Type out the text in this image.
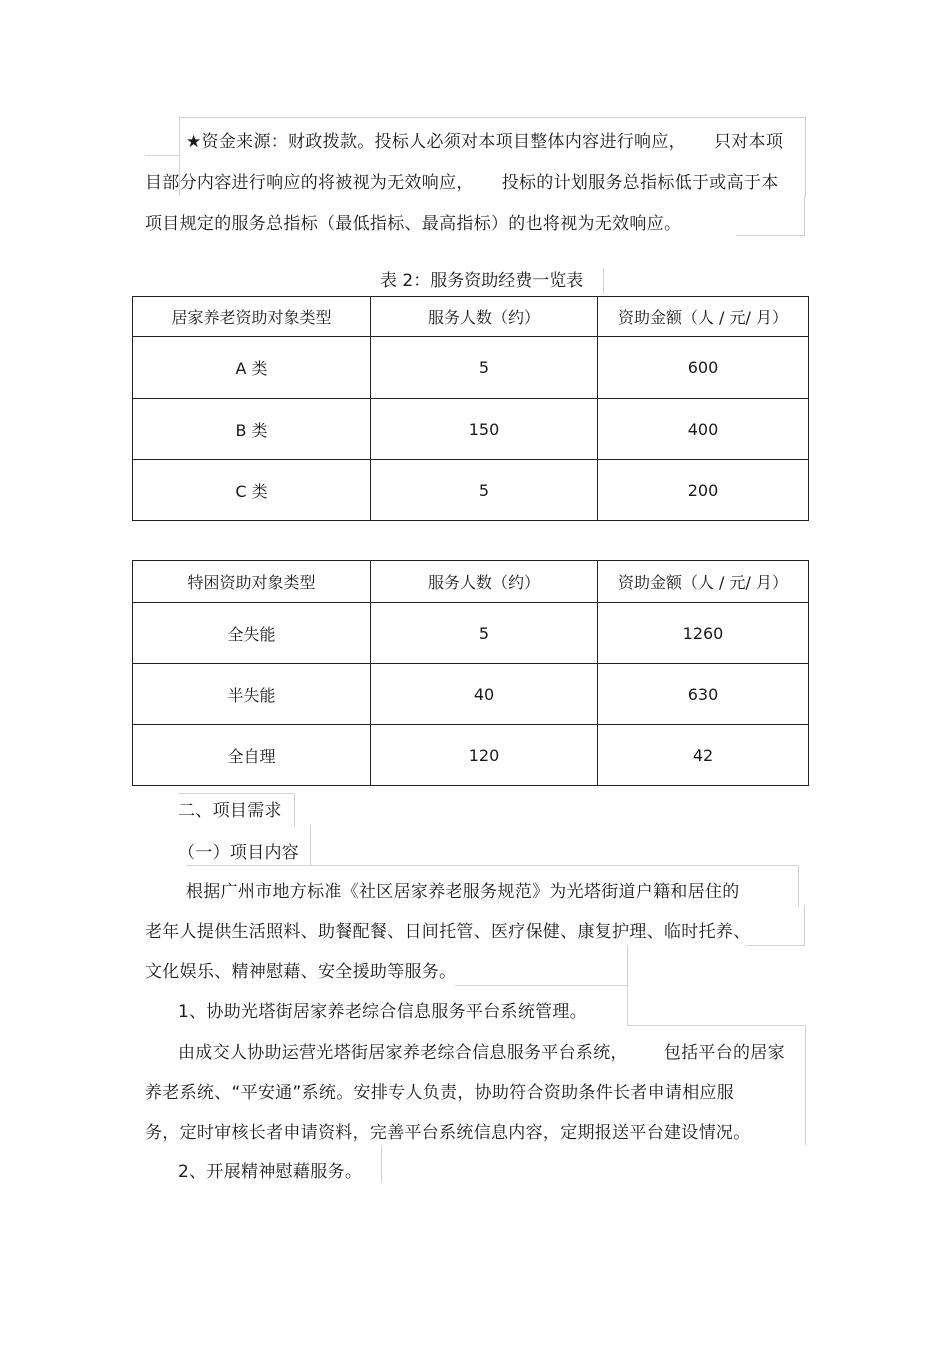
★资金来源：财政拨款。投标人必须对本项目整体内容进行响应， 只对本项
目部分内容进行响应的将被视为无效响应， 投标的计划服务总指标低于或高于本
项目规定的服务总指标（最低指标、最高指标）的也将视为无效响应。
表 2：服务资助经费一览表
居家养老资助对象类型	服务人数（约）	资助金额（人 / 元/ 月）
A 类	5	600
B 类	150	400
C 类	5	200
特困资助对象类型	服务人数（约）	资助金额（人 / 元/ 月）
全失能	5	1260
半失能	40	630
全自理	120	42
二、项目需求
（一）项目内容
根据广州市地方标准《社区居家养老服务规范》为光塔街道户籍和居住的
老年人提供生活照料、助餐配餐、日间托管、医疗保健、康复护理、临时托养、
文化娱乐、精神慰藉、安全援助等服务。
1、协助光塔街居家养老综合信息服务平台系统管理。
由成交人协助运营光塔街居家养老综合信息服务平台系统， 包括平台的居家
养老系统、“平安通”系统。安排专人负责，协助符合资助条件长者申请相应服
务，定时审核长者申请资料，完善平台系统信息内容，定期报送平台建设情况。
2、开展精神慰藉服务。
